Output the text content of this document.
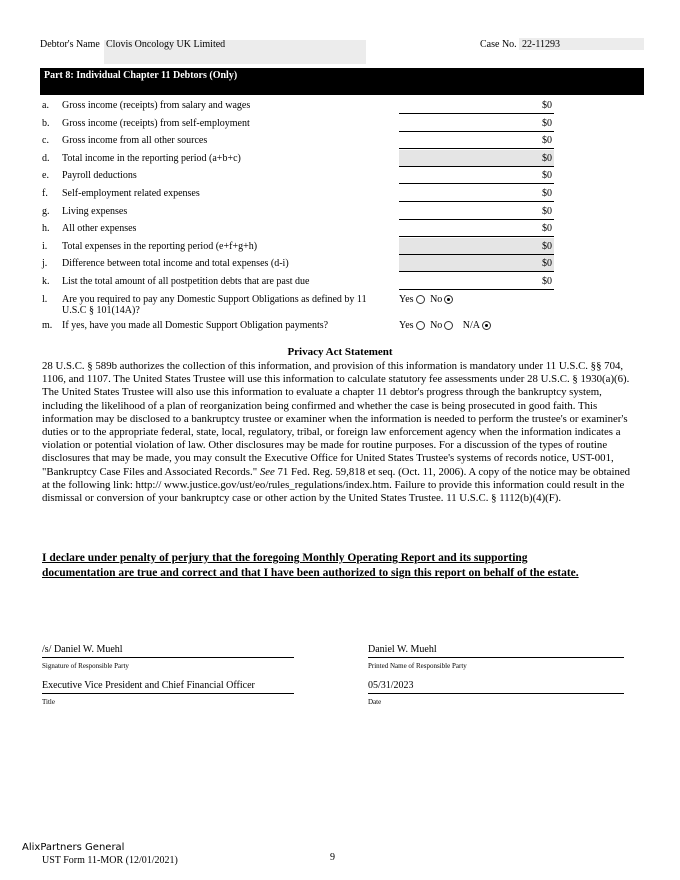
Debtor's Name Clovis Oncology UK Limited	Case No. 22-11293
Part 8: Individual Chapter 11 Debtors (Only)
a.	Gross income (receipts) from salary and wages	$0
b.	Gross income (receipts) from self-employment	$0
c.	Gross income from all other sources	$0
d.	Total income in the reporting period (a+b+c)	$0
e.	Payroll deductions	$0
f.	Self-employment related expenses	$0
g.	Living expenses	$0
h.	All other expenses	$0
i.	Total expenses in the reporting period (e+f+g+h)	$0
j.	Difference between total income and total expenses (d-i)	$0
k.	List the total amount of all postpetition debts that are past due	$0
l. Are you required to pay any Domestic Support Obligations as defined by 11 U.S.C § 101(14A)?
Yes No
m. If yes, have you made all Domestic Support Obligation payments?	Yes No N/A
Privacy Act Statement
28 U.S.C. § 589b authorizes the collection of this information, and provision of this information is mandatory under 11 U.S.C. §§ 704, 1106, and 1107. The United States Trustee will use this information to calculate statutory fee assessments under 28 U.S.C. § 1930(a)(6). The United States Trustee will also use this information to evaluate a chapter 11 debtor's progress through the bankruptcy system, including the likelihood of a plan of reorganization being confirmed and whether the case is being prosecuted in good faith. This information may be disclosed to a bankruptcy trustee or examiner when the information is needed to perform the trustee's or examiner's duties or to the appropriate federal, state, local, regulatory, tribal, or foreign law enforcement agency when the information indicates a violation or potential violation of law. Other disclosures may be made for routine purposes. For a discussion of the types of routine disclosures that may be made, you may consult the Executive Office for United States Trustee's systems of records notice, UST-001, "Bankruptcy Case Files and Associated Records." See 71 Fed. Reg. 59,818 et seq. (Oct. 11, 2006). A copy of the notice may be obtained at the following link: http:// www.justice.gov/ust/eo/rules_regulations/index.htm. Failure to provide this information could result in the dismissal or conversion of your bankruptcy case or other action by the United States Trustee. 11 U.S.C. § 1112(b)(4)(F).
I declare under penalty of perjury that the foregoing Monthly Operating Report and its supporting documentation are true and correct and that I have been authorized to sign this report on behalf of the estate.
/s/ Daniel W. Muehl
Signature of Responsible Party
Daniel W. Muehl
Printed Name of Responsible Party
Executive Vice President and Chief Financial Officer
Title
05/31/2023
Date
AlixPartners General
UST Form 11-MOR (12/01/2021)	9
